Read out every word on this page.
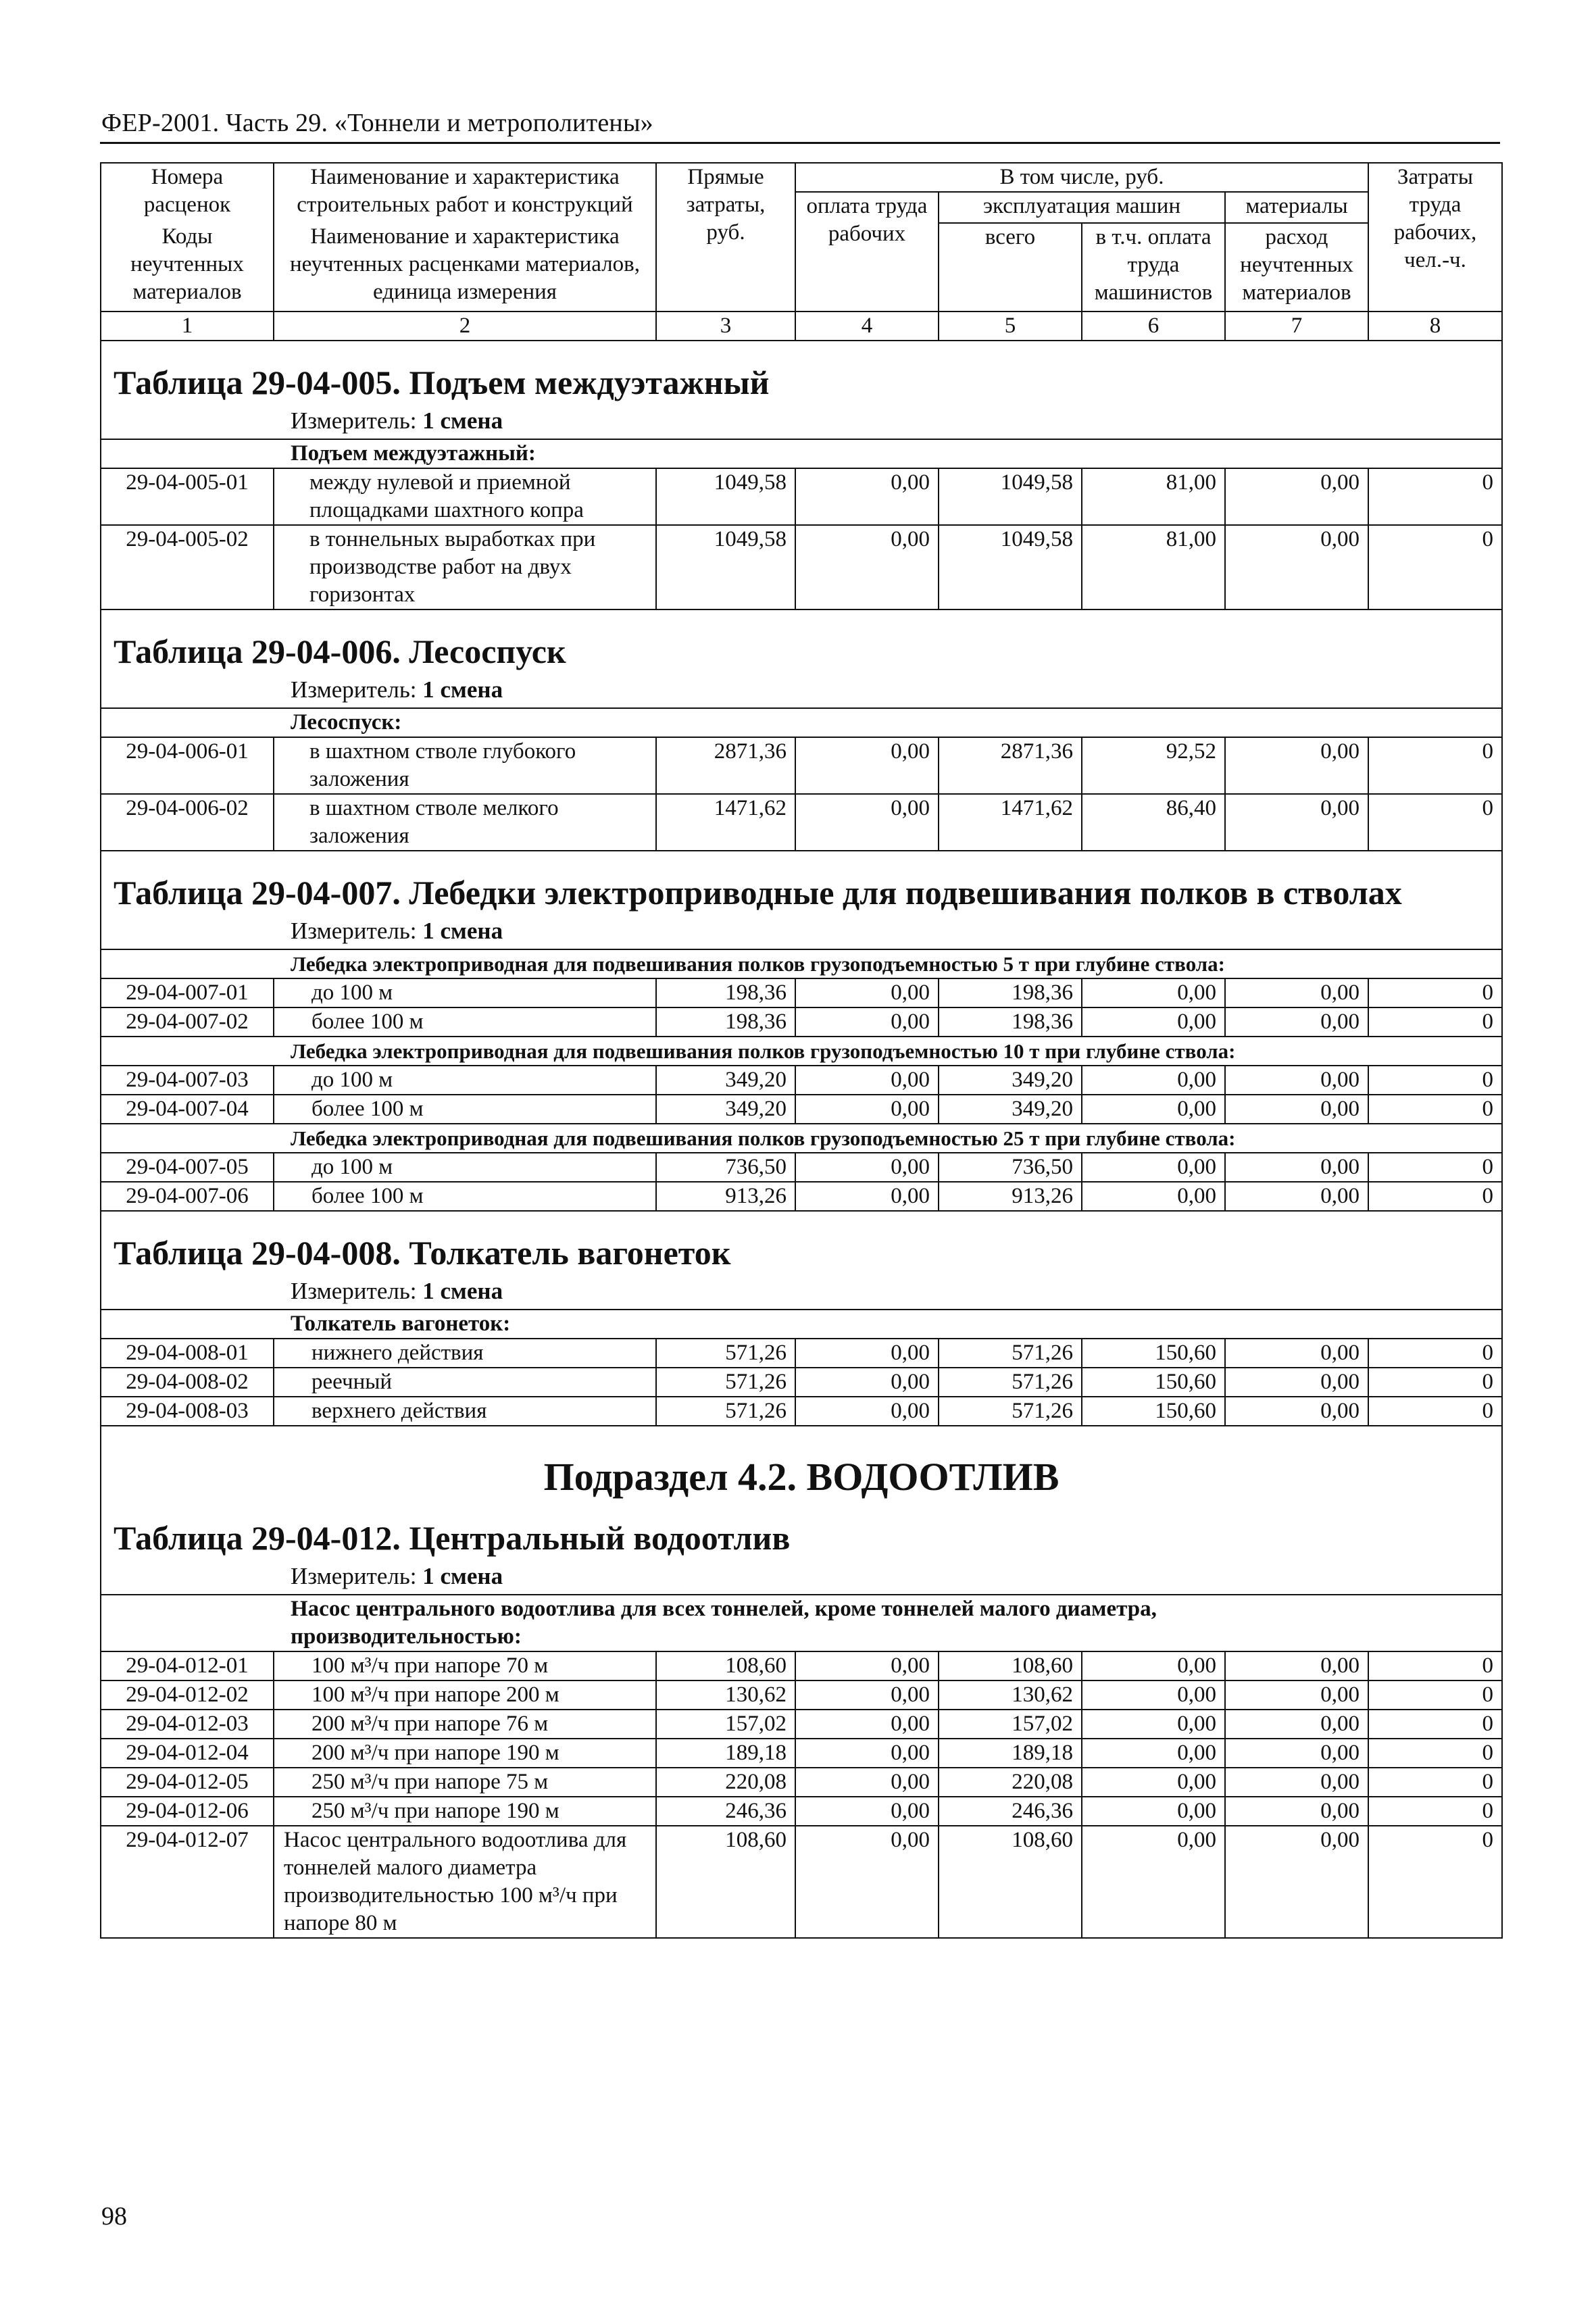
ФЕР-2001. Часть 29. «Тоннели и метрополитены»
Номера расценок	Наименование и характеристика строительных работ и конструкций	Прямые затраты, руб.	В том числе, руб.				Затраты труда рабочих, чел.-ч.
			оплата труда рабочих	эксплуатация машин		материалы	
Коды неучтенных материалов	Наименование и характеристика неучтенных расценками материалов, единица измерения			всего	в т.ч. оплата труда машинистов	расход неучтенных материалов	

1	2	3	4	5	6	7	8

Таблица 29-04-005. Подъем междуэтажный
Измеритель: 1 смена							

Подъем междуэтажный:							
29-04-005-01	между нулевой и приемной площадками шахтного копра	1049,58	0,00	1049,58	81,00	0,00	0
29-04-005-02	в тоннельных выработках при производстве работ на двух горизонтах	1049,58	0,00	1049,58	81,00	0,00	0

Таблица 29-04-006. Лесоспуск
Измеритель: 1 смена							

Лесоспуск:							
29-04-006-01	в шахтном стволе глубокого заложения	2871,36	0,00	2871,36	92,52	0,00	0
29-04-006-02	в шахтном стволе мелкого заложения	1471,62	0,00	1471,62	86,40	0,00	0

Таблица 29-04-007. Лебедки электроприводные для подвешивания полков в стволах
Измеритель: 1 смена							

Лебедка электроприводная для подвешивания полков грузоподъемностью 5 т при глубине ствола:							
29-04-007-01	до 100 м	198,36	0,00	198,36	0,00	0,00	0
29-04-007-02	более 100 м	198,36	0,00	198,36	0,00	0,00	0
Лебедка электроприводная для подвешивания полков грузоподъемностью 10 т при глубине ствола:							
29-04-007-03	до 100 м	349,20	0,00	349,20	0,00	0,00	0
29-04-007-04	более 100 м	349,20	0,00	349,20	0,00	0,00	0
Лебедка электроприводная для подвешивания полков грузоподъемностью 25 т при глубине ствола:							
29-04-007-05	до 100 м	736,50	0,00	736,50	0,00	0,00	0
29-04-007-06	более 100 м	913,26	0,00	913,26	0,00	0,00	0

Таблица 29-04-008. Толкатель вагонеток
Измеритель: 1 смена							

Толкатель вагонеток:							
29-04-008-01	нижнего действия	571,26	0,00	571,26	150,60	0,00	0
29-04-008-02	реечный	571,26	0,00	571,26	150,60	0,00	0
29-04-008-03	верхнего действия	571,26	0,00	571,26	150,60	0,00	0

Подраздел 4.2. ВОДООТЛИВ
Таблица 29-04-012. Центральный водоотлив
Измеритель: 1 смена							

Насос центрального водоотлива для всех тоннелей, кроме тоннелей малого диаметра, производительностью:							
29-04-012-01	100 м³/ч при напоре 70 м	108,60	0,00	108,60	0,00	0,00	0
29-04-012-02	100 м³/ч при напоре 200 м	130,62	0,00	130,62	0,00	0,00	0
29-04-012-03	200 м³/ч при напоре 76 м	157,02	0,00	157,02	0,00	0,00	0
29-04-012-04	200 м³/ч при напоре 190 м	189,18	0,00	189,18	0,00	0,00	0
29-04-012-05	250 м³/ч при напоре 75 м	220,08	0,00	220,08	0,00	0,00	0
29-04-012-06	250 м³/ч при напоре 190 м	246,36	0,00	246,36	0,00	0,00	0
29-04-012-07	Насос центрального водоотлива для тоннелей малого диаметра производительностью 100 м³/ч при напоре 80 м	108,60	0,00	108,60	0,00	0,00	0
98
